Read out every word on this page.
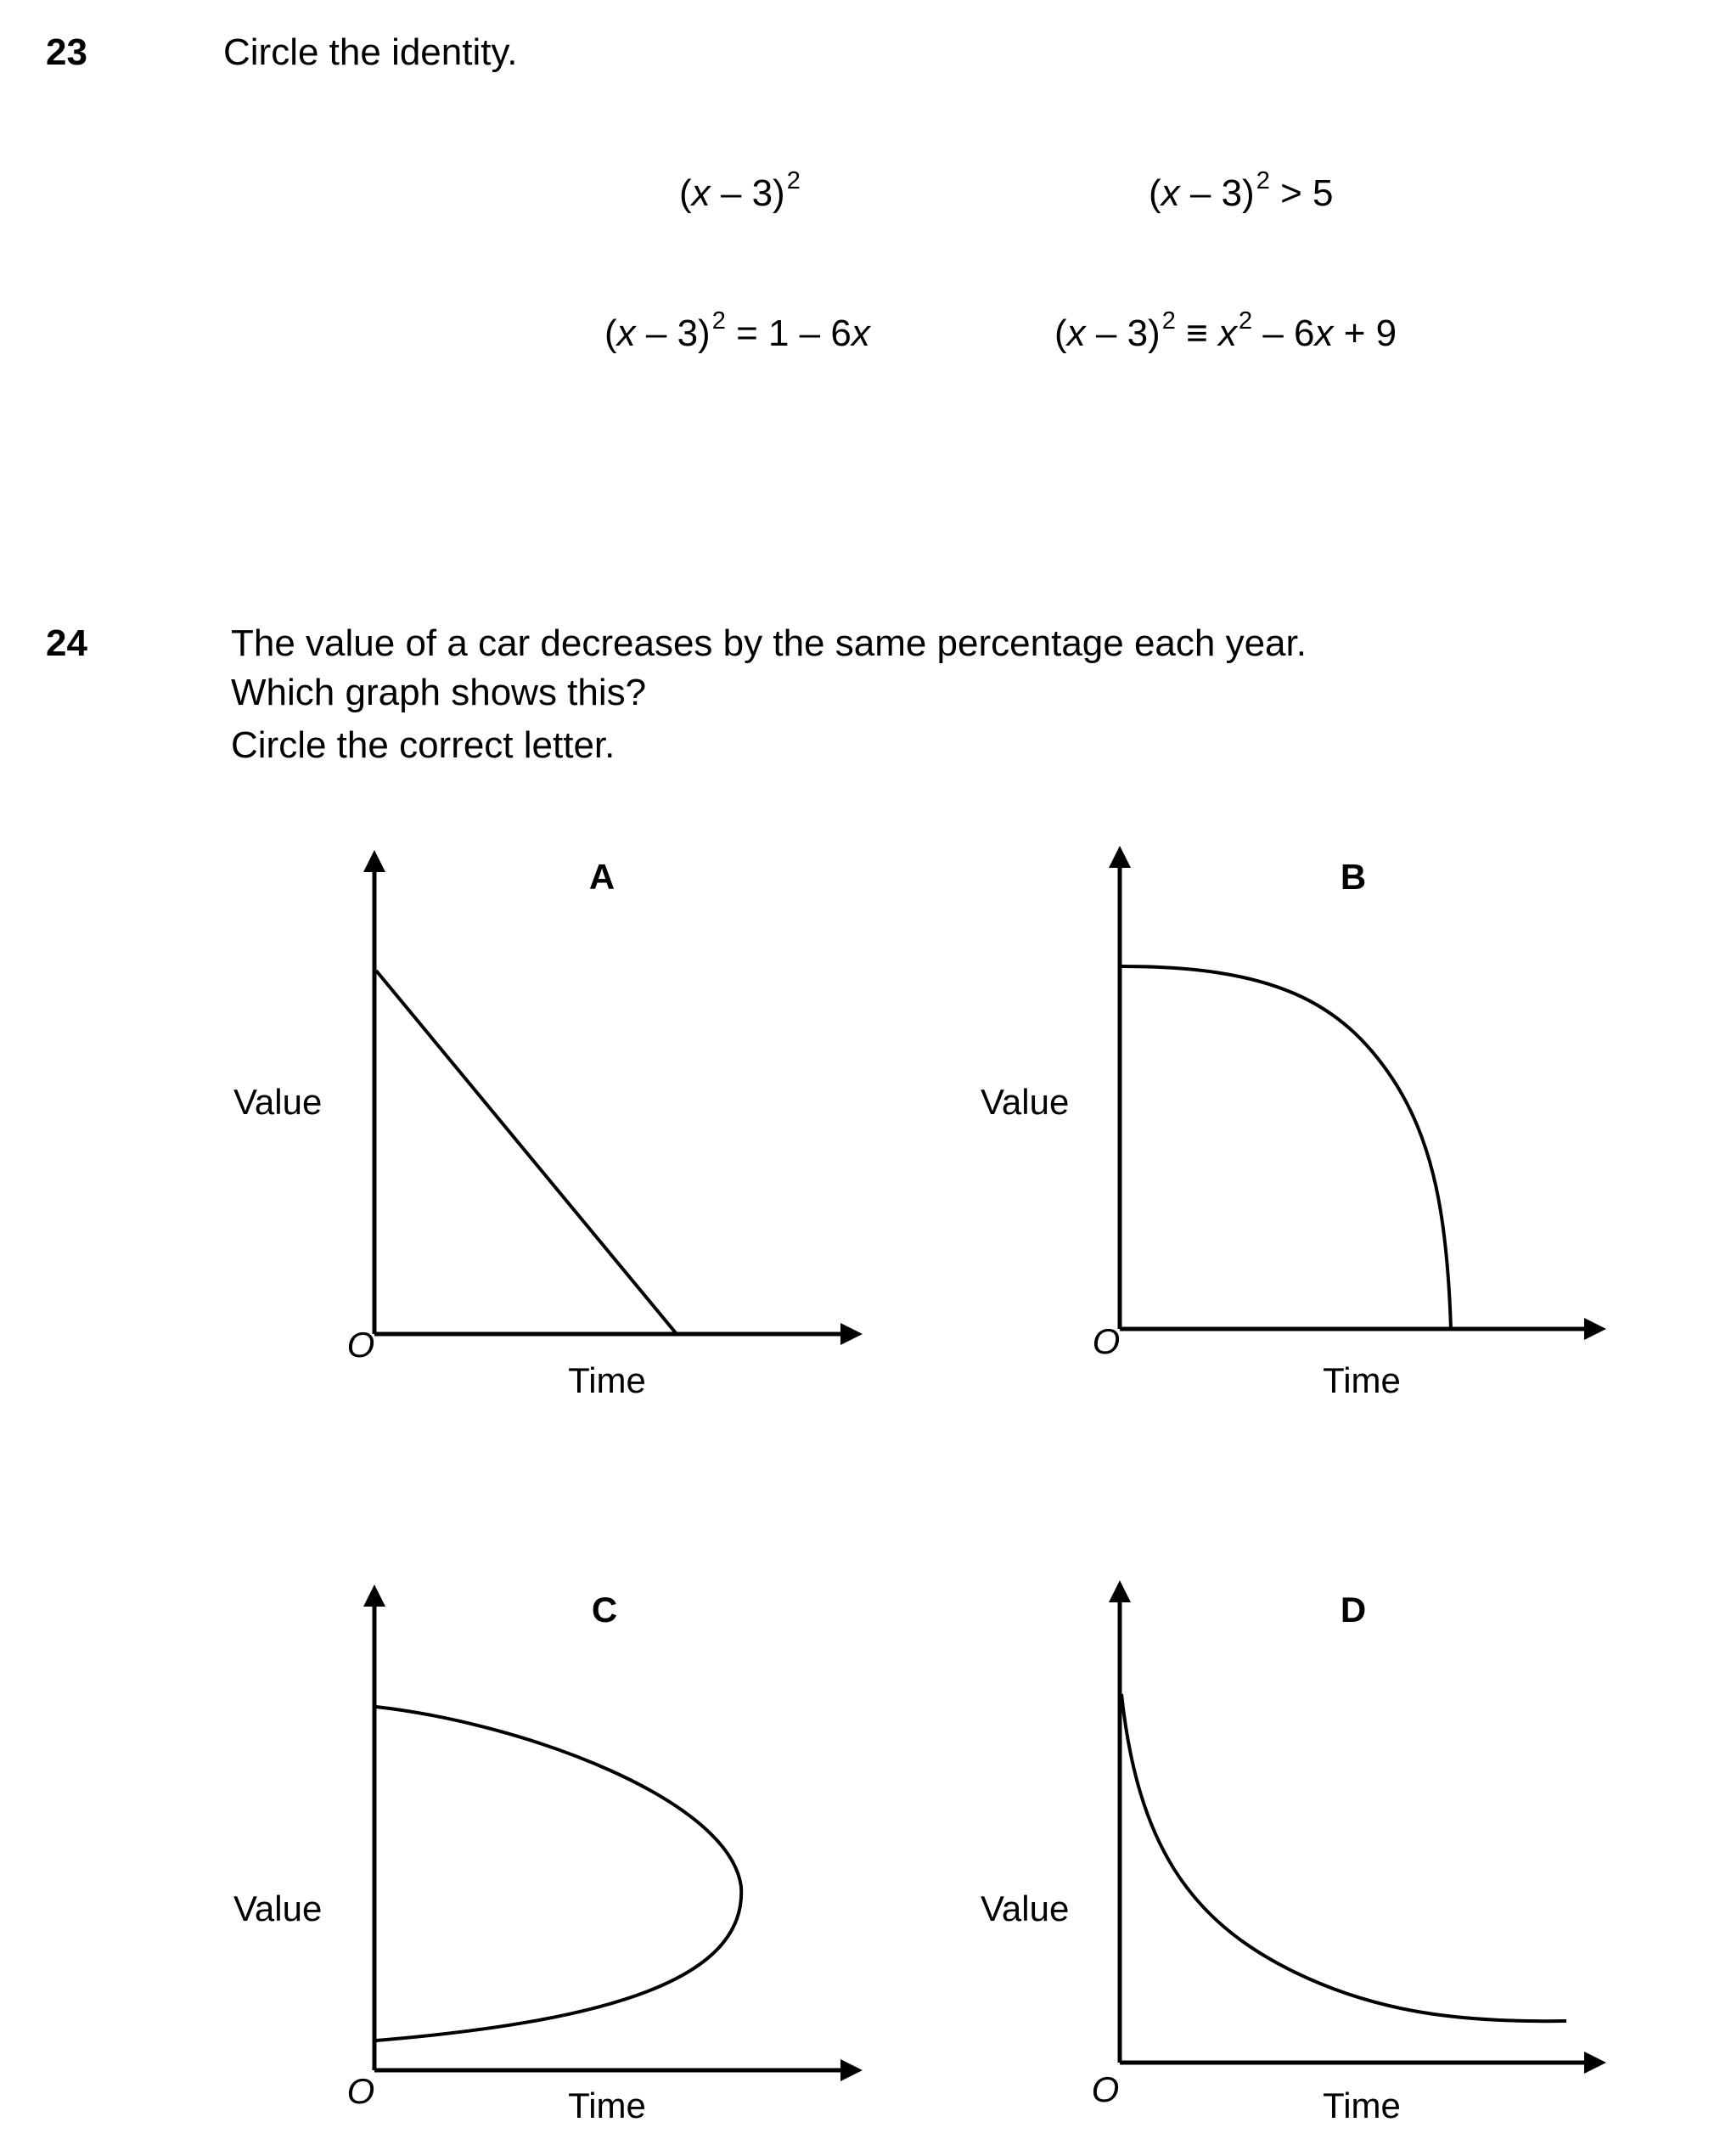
23	Circle the identity.
(x – 3)$^2$	(x – 3)$^2$ > 5
(x – 3)$^2$ = 1 – 6x	$(x - 3)^2 \equiv x^2 - 6x + 9$
24	The value of a car decreases by the same percentage each year.
Which graph shows this?
Circle the correct letter.
A
Value
Time
O
B
Value
Time
O
C
Value
Time
O
D
Value
Time
O
